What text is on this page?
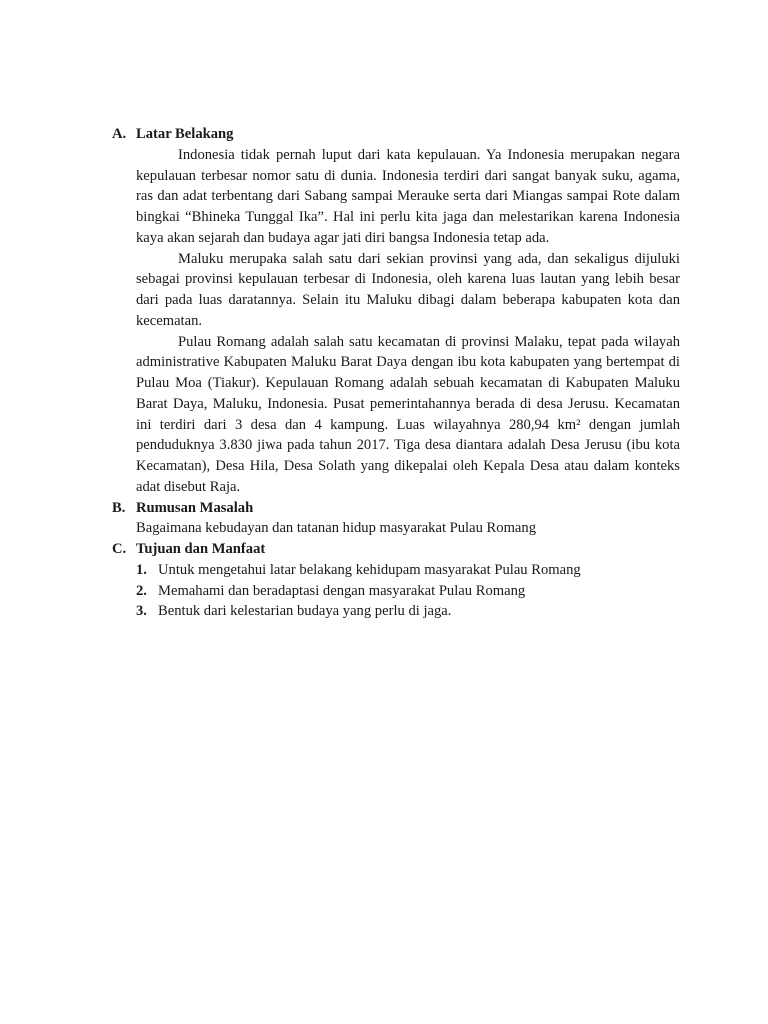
A. Latar Belakang

Indonesia tidak pernah luput dari kata kepulauan. Ya Indonesia merupakan negara kepulauan terbesar nomor satu di dunia. Indonesia terdiri dari sangat banyak suku, agama, ras dan adat terbentang dari Sabang sampai Merauke serta dari Miangas sampai Rote dalam bingkai “Bhineka Tunggal Ika”. Hal ini perlu kita jaga dan melestarikan karena Indonesia kaya akan sejarah dan budaya agar jati diri bangsa Indonesia tetap ada.

Maluku merupaka salah satu dari sekian provinsi yang ada, dan sekaligus dijuluki sebagai provinsi kepulauan terbesar di Indonesia, oleh karena luas lautan yang lebih besar dari pada luas daratannya. Selain itu Maluku dibagi dalam beberapa kabupaten kota dan kecematan.

Pulau Romang adalah salah satu kecamatan di provinsi Malaku, tepat pada wilayah administrative Kabupaten Maluku Barat Daya dengan ibu kota kabupaten yang bertempat di Pulau Moa (Tiakur). Kepulauan Romang adalah sebuah kecamatan di Kabupaten Maluku Barat Daya, Maluku, Indonesia. Pusat pemerintahannya berada di desa Jerusu. Kecamatan ini terdiri dari 3 desa dan 4 kampung. Luas wilayahnya 280,94 km² dengan jumlah penduduknya 3.830 jiwa pada tahun 2017. Tiga desa diantara adalah Desa Jerusu (ibu kota Kecamatan), Desa Hila, Desa Solath yang dikepalai oleh Kepala Desa atau dalam konteks adat disebut Raja.

B. Rumusan Masalah

Bagaimana kebudayan dan tatanan hidup masyarakat Pulau Romang

C. Tujuan dan Manfaat
1. Untuk mengetahui latar belakang kehidupam masyarakat Pulau Romang
2. Memahami dan beradaptasi dengan masyarakat Pulau Romang
3. Bentuk dari kelestarian budaya yang perlu di jaga.
